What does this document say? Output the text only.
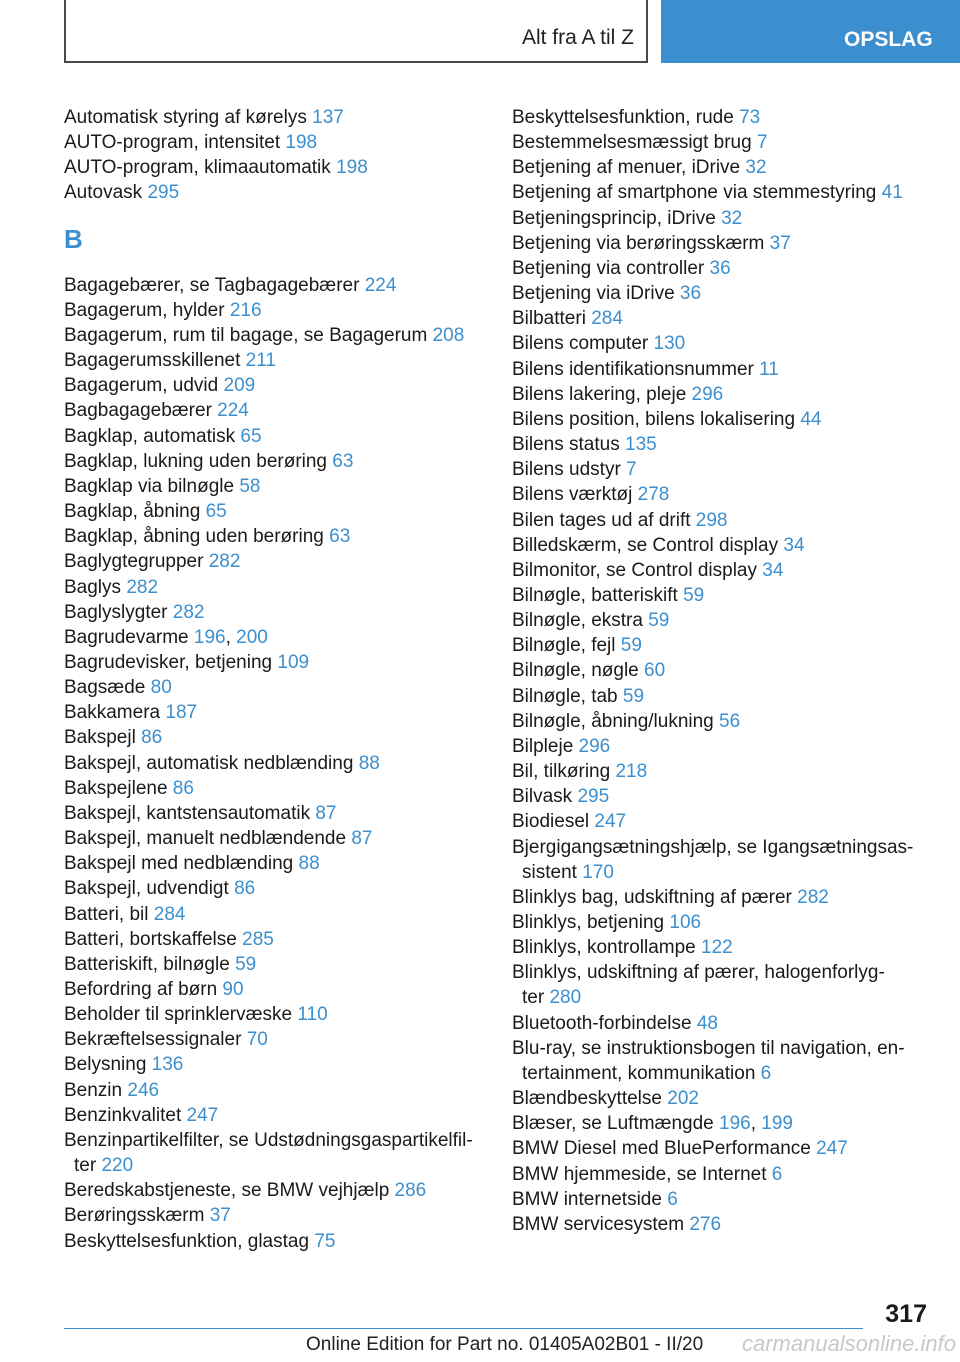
Alt fra A til Z	OPSLAG
Automatisk styring af kørelys 137
AUTO-program, intensitet 198
AUTO-program, klimaautomatik 198
Autovask 295
B
Bagagebærer, se Tagbagagebærer 224
Bagagerum, hylder 216
Bagagerum, rum til bagage, se Bagagerum 208
Bagagerumsskillenet 211
Bagagerum, udvid 209
Bagbagagebærer 224
Bagklap, automatisk 65
Bagklap, lukning uden berøring 63
Bagklap via bilnøgle 58
Bagklap, åbning 65
Bagklap, åbning uden berøring 63
Baglygtegrupper 282
Baglys 282
Baglyslygter 282
Bagrudevarme 196, 200
Bagrudevisker, betjening 109
Bagsæde 80
Bakkamera 187
Bakspejl 86
Bakspejl, automatisk nedblænding 88
Bakspejlene 86
Bakspejl, kantstensautomatik 87
Bakspejl, manuelt nedblændende 87
Bakspejl med nedblænding 88
Bakspejl, udvendigt 86
Batteri, bil 284
Batteri, bortskaffelse 285
Batteriskift, bilnøgle 59
Befordring af børn 90
Beholder til sprinklervæske 110
Bekræftelsessignaler 70
Belysning 136
Benzin 246
Benzinkvalitet 247
Benzinpartikelfilter, se Udstødningsgaspartikelfil-
ter 220
Beredskabstjeneste, se BMW vejhjælp 286
Berøringsskærm 37
Beskyttelsesfunktion, glastag 75
Beskyttelsesfunktion, rude 73
Bestemmelsesmæssigt brug 7
Betjening af menuer, iDrive 32
Betjening af smartphone via stemmestyring 41
Betjeningsprincip, iDrive 32
Betjening via berøringsskærm 37
Betjening via controller 36
Betjening via iDrive 36
Bilbatteri 284
Bilens computer 130
Bilens identifikationsnummer 11
Bilens lakering, pleje 296
Bilens position, bilens lokalisering 44
Bilens status 135
Bilens udstyr 7
Bilens værktøj 278
Bilen tages ud af drift 298
Billedskærm, se Control display 34
Bilmonitor, se Control display 34
Bilnøgle, batteriskift 59
Bilnøgle, ekstra 59
Bilnøgle, fejl 59
Bilnøgle, nøgle 60
Bilnøgle, tab 59
Bilnøgle, åbning/lukning 56
Bilpleje 296
Bil, tilkøring 218
Bilvask 295
Biodiesel 247
Bjergigangsætningshjælp, se Igangsætningsas-
sistent 170
Blinklys bag, udskiftning af pærer 282
Blinklys, betjening 106
Blinklys, kontrollampe 122
Blinklys, udskiftning af pærer, halogenforlyg-
ter 280
Bluetooth-forbindelse 48
Blu-ray, se instruktionsbogen til navigation, en-
tertainment, kommunikation 6
Blændbeskyttelse 202
Blæser, se Luftmængde 196, 199
BMW Diesel med BluePerformance 247
BMW hjemmeside, se Internet 6
BMW internetside 6
BMW servicesystem 276
317
Online Edition for Part no. 01405A02B01 - II/20 carmanualsonline.info
